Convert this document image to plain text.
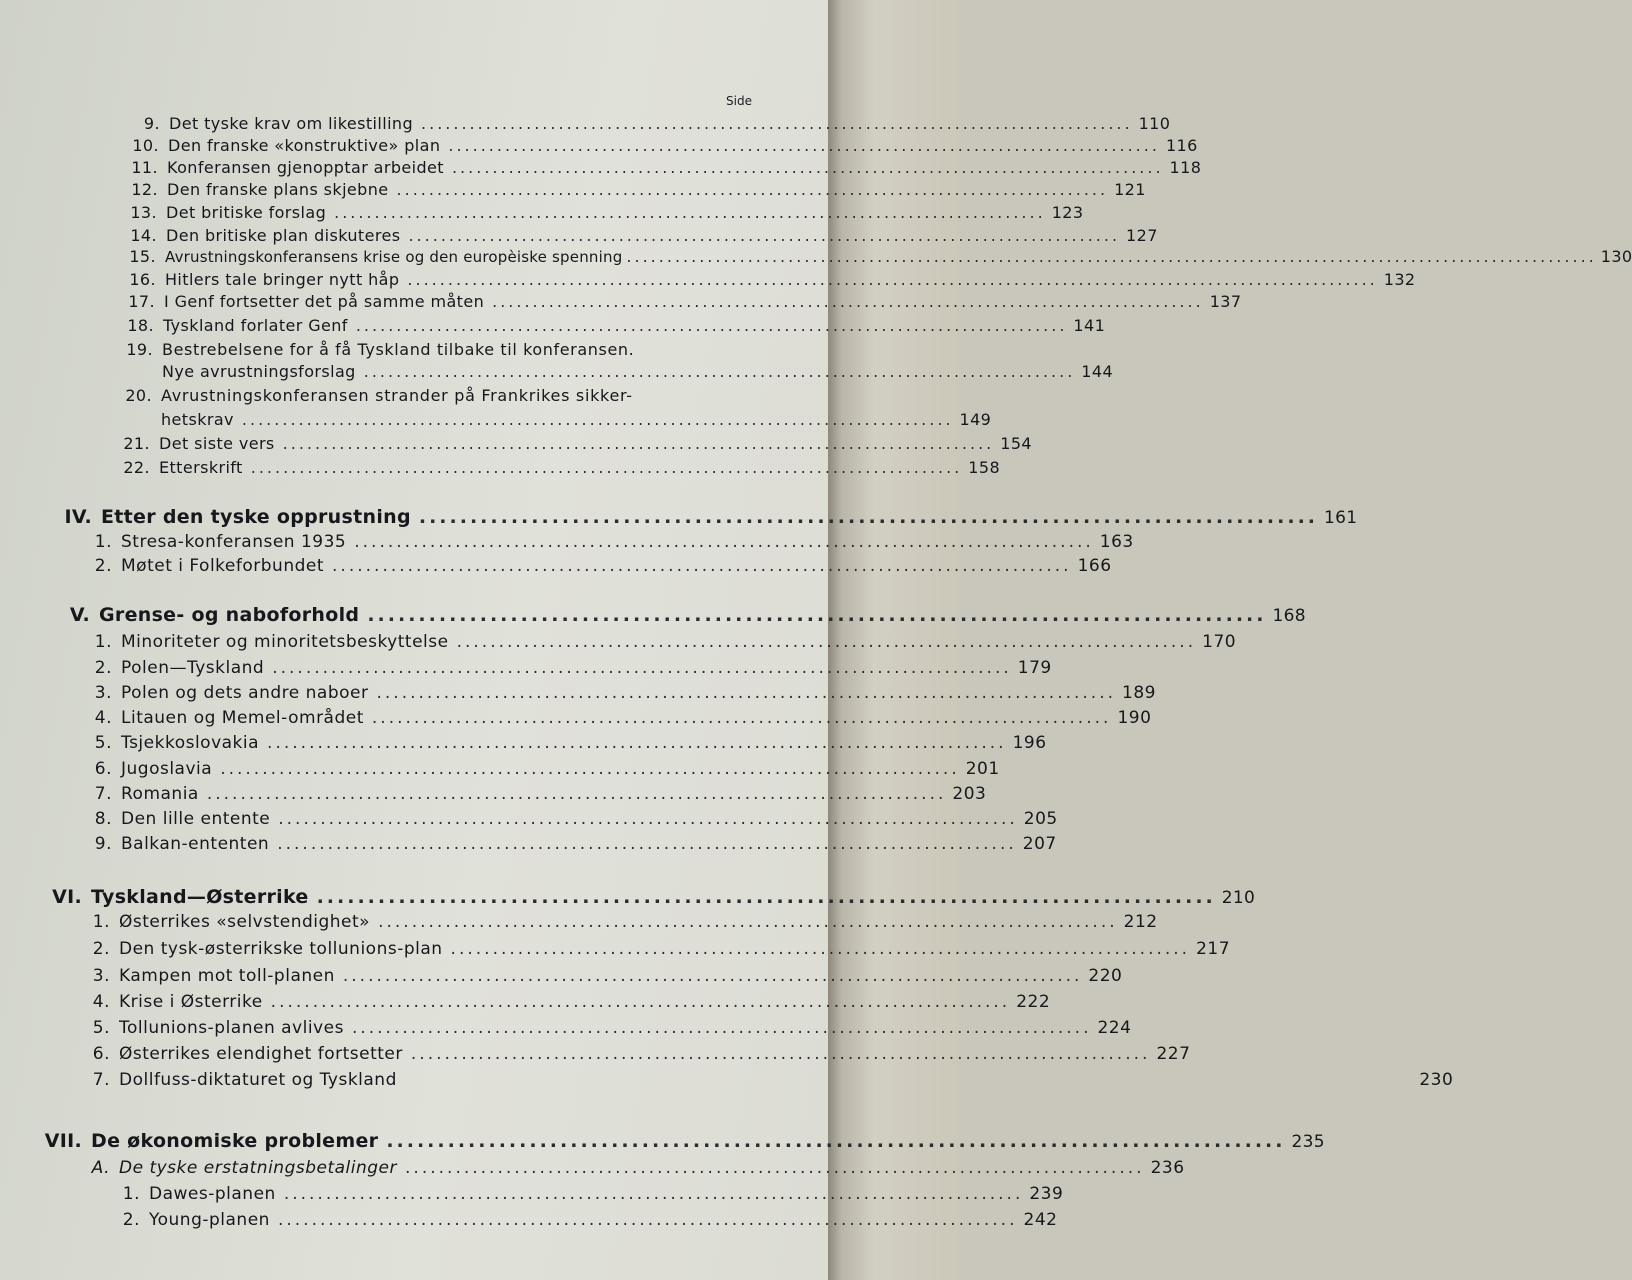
Side
9. Det tyske krav om likestilling ........................................................................................ 110
10. Den franske «konstruktive» plan ........................................................................................ 116
11. Konferansen gjenopptar arbeidet ........................................................................................ 118
12. Den franske plans skjebne ........................................................................................ 121
13. Det britiske forslag ........................................................................................ 123
14. Den britiske plan diskuteres ........................................................................................ 127
15. Avrustningskonferansens krise og den europèiske spenning ........................................................................................................................ 130
16. Hitlers tale bringer nytt håp ........................................................................................................................ 132
17. I Genf fortsetter det på samme måten ........................................................................................ 137
18. Tyskland forlater Genf ........................................................................................ 141
19. Bestrebelsene for å få Tyskland tilbake til konferansen.
Nye avrustningsforslag ........................................................................................ 144
20. Avrustningskonferansen strander på Frankrikes sikker-
hetskrav ........................................................................................ 149
21. Det siste vers ........................................................................................ 154
22. Etterskrift ........................................................................................ 158
IV. Etter den tyske opprustning ........................................................................................ 161
1. Stresa-konferansen 1935 ........................................................................................ 163
2. Møtet i Folkeforbundet ........................................................................................ 166
V. Grense- og naboforhold ........................................................................................ 168
1. Minoriteter og minoritetsbeskyttelse ........................................................................................ 170
2. Polen—Tyskland ........................................................................................ 179
3. Polen og dets andre naboer ........................................................................................ 189
4. Litauen og Memel-området ........................................................................................ 190
5. Tsjekkoslovakia ........................................................................................ 196
6. Jugoslavia ........................................................................................ 201
7. Romania ........................................................................................ 203
8. Den lille entente ........................................................................................ 205
9. Balkan-ententen ........................................................................................ 207
VI. Tyskland—Østerrike ........................................................................................ 210
1. Østerrikes «selvstendighet» ........................................................................................ 212
2. Den tysk-østerrikske tollunions-plan ........................................................................................ 217
3. Kampen mot toll-planen ........................................................................................ 220
4. Krise i Østerrike ........................................................................................ 222
5. Tollunions-planen avlives ........................................................................................ 224
6. Østerrikes elendighet fortsetter ........................................................................................ 227
7. Dollfuss-diktaturet og Tyskland	230
VII. De økonomiske problemer ........................................................................................ 235
A. De tyske erstatningsbetalinger ........................................................................................ 236
1. Dawes-planen ........................................................................................ 239
2. Young-planen ........................................................................................ 242
